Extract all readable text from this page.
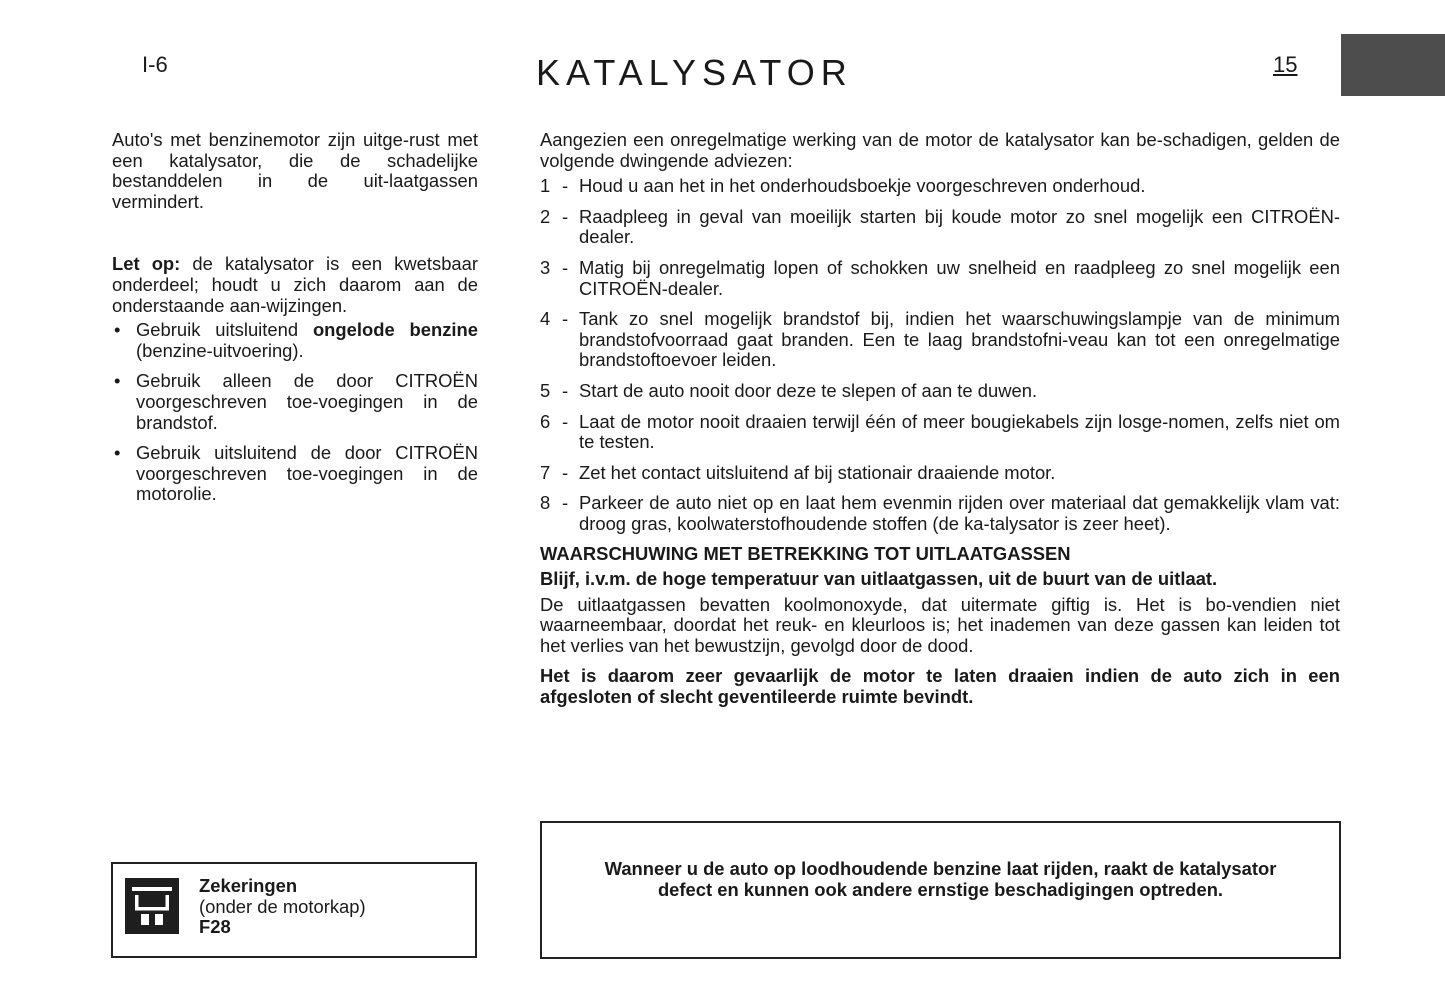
I-6	KATALYSATOR	15

Auto's met benzinemotor zijn uitge-rust met een katalysator, die de schadelijke bestanddelen in de uit-laatgassen vermindert.

Let op: de katalysator is een kwetsbaar onderdeel; houdt u zich daarom aan de onderstaande aan-wijzingen.

• Gebruik uitsluitend ongelode benzine (benzine-uitvoering).
• Gebruik alleen de door CITROËN voorgeschreven toe-voegingen in de brandstof.
• Gebruik uitsluitend de door CITROËN voorgeschreven toe-voegingen in de motorolie.

Aangezien een onregelmatige werking van de motor de katalysator kan be-schadigen, gelden de volgende dwingende adviezen:

1 - Houd u aan het in het onderhoudsboekje voorgeschreven onderhoud.
2 - Raadpleeg in geval van moeilijk starten bij koude motor zo snel mogelijk een CITROËN-dealer.
3 - Matig bij onregelmatig lopen of schokken uw snelheid en raadpleeg zo snel mogelijk een CITROËN-dealer.
4 - Tank zo snel mogelijk brandstof bij, indien het waarschuwingslampje van de minimum brandstofvoorraad gaat branden. Een te laag brandstofni-veau kan tot een onregelmatige brandstoftoevoer leiden.
5 - Start de auto nooit door deze te slepen of aan te duwen.
6 - Laat de motor nooit draaien terwijl één of meer bougiekabels zijn losge-nomen, zelfs niet om te testen.
7 - Zet het contact uitsluitend af bij stationair draaiende motor.
8 - Parkeer de auto niet op en laat hem evenmin rijden over materiaal dat gemakkelijk vlam vat: droog gras, koolwaterstofhoudende stoffen (de ka-talysator is zeer heet).

WAARSCHUWING MET BETREKKING TOT UITLAATGASSEN

Blijf, i.v.m. de hoge temperatuur van uitlaatgassen, uit de buurt van de uitlaat.

De uitlaatgassen bevatten koolmonoxyde, dat uitermate giftig is. Het is bo-vendien niet waarneembaar, doordat het reuk- en kleurloos is; het inademen van deze gassen kan leiden tot het verlies van het bewustzijn, gevolgd door de dood.

Het is daarom zeer gevaarlijk de motor te laten draaien indien de auto zich in een afgesloten of slecht geventileerde ruimte bevindt.

Zekeringen
(onder de motorkap)
F28
Wanneer u de auto op loodhoudende benzine laat rijden, raakt de katalysator defect en kunnen ook andere ernstige beschadigingen optreden.
